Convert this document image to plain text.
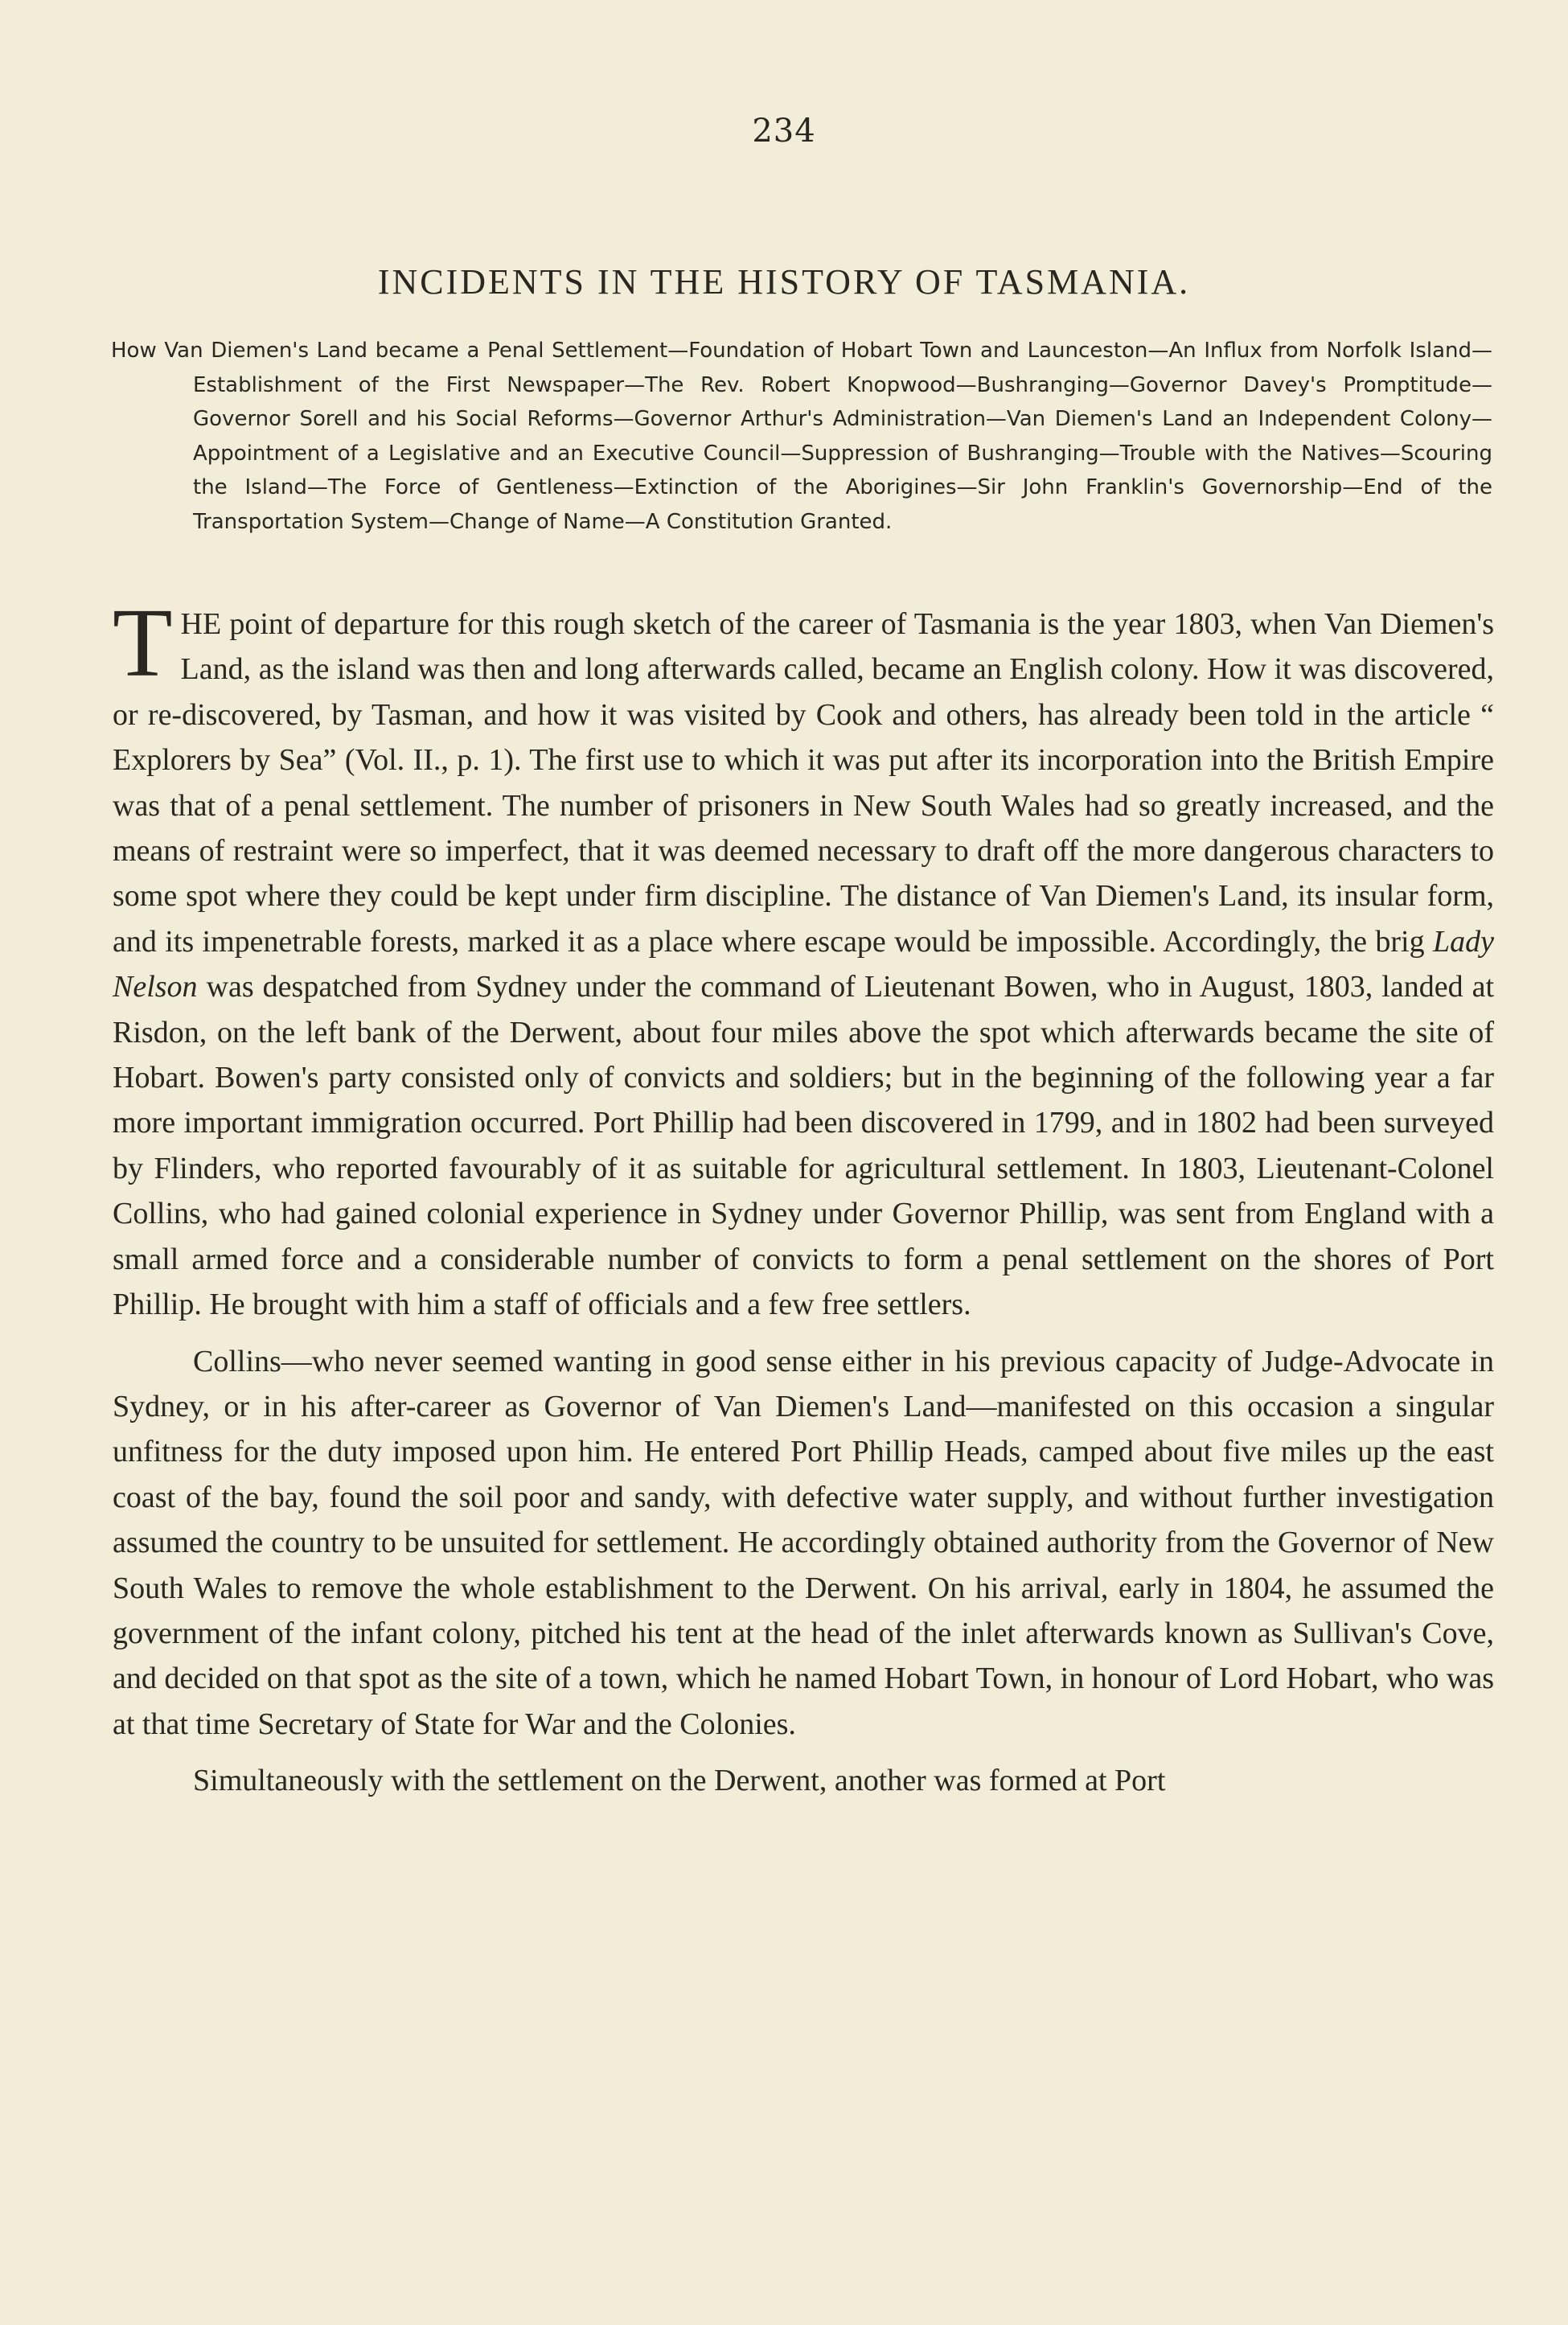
234
INCIDENTS IN THE HISTORY OF TASMANIA.
How Van Diemen's Land became a Penal Settlement—Foundation of Hobart Town and Launceston—An Influx from Norfolk Island—Establishment of the First Newspaper—The Rev. Robert Knopwood—Bushranging—Governor Davey's Promptitude—Governor Sorell and his Social Reforms—Governor Arthur's Administration—Van Diemen's Land an Independent Colony—Appointment of a Legislative and an Executive Council—Suppression of Bushranging—Trouble with the Natives—Scouring the Island—The Force of Gentleness—Extinction of the Aborigines—Sir John Franklin's Governorship—End of the Transportation System—Change of Name—A Constitution Granted.

THE point of departure for this rough sketch of the career of Tasmania is the year 1803, when Van Diemen's Land, as the island was then and long afterwards called, became an English colony. How it was discovered, or re-discovered, by Tasman, and how it was visited by Cook and others, has already been told in the article “ Explorers by Sea” (Vol. II., p. 1). The first use to which it was put after its incorporation into the British Empire was that of a penal settlement. The number of prisoners in New South Wales had so greatly increased, and the means of restraint were so imperfect, that it was deemed necessary to draft off the more dangerous characters to some spot where they could be kept under firm discipline. The distance of Van Diemen's Land, its insular form, and its impenetrable forests, marked it as a place where escape would be impossible. Accordingly, the brig Lady Nelson was despatched from Sydney under the command of Lieutenant Bowen, who in August, 1803, landed at Risdon, on the left bank of the Derwent, about four miles above the spot which afterwards became the site of Hobart. Bowen's party consisted only of convicts and soldiers; but in the beginning of the following year a far more important immigration occurred. Port Phillip had been discovered in 1799, and in 1802 had been surveyed by Flinders, who reported favourably of it as suitable for agricultural settlement. In 1803, Lieutenant-Colonel Collins, who had gained colonial experience in Sydney under Governor Phillip, was sent from England with a small armed force and a considerable number of convicts to form a penal settlement on the shores of Port Phillip. He brought with him a staff of officials and a few free settlers.

Collins—who never seemed wanting in good sense either in his previous capacity of Judge-Advocate in Sydney, or in his after-career as Governor of Van Diemen's Land—manifested on this occasion a singular unfitness for the duty imposed upon him. He entered Port Phillip Heads, camped about five miles up the east coast of the bay, found the soil poor and sandy, with defective water supply, and without further investigation assumed the country to be unsuited for settlement. He accordingly obtained authority from the Governor of New South Wales to remove the whole establishment to the Derwent. On his arrival, early in 1804, he assumed the government of the infant colony, pitched his tent at the head of the inlet afterwards known as Sullivan's Cove, and decided on that spot as the site of a town, which he named Hobart Town, in honour of Lord Hobart, who was at that time Secretary of State for War and the Colonies.

Simultaneously with the settlement on the Derwent, another was formed at Port
